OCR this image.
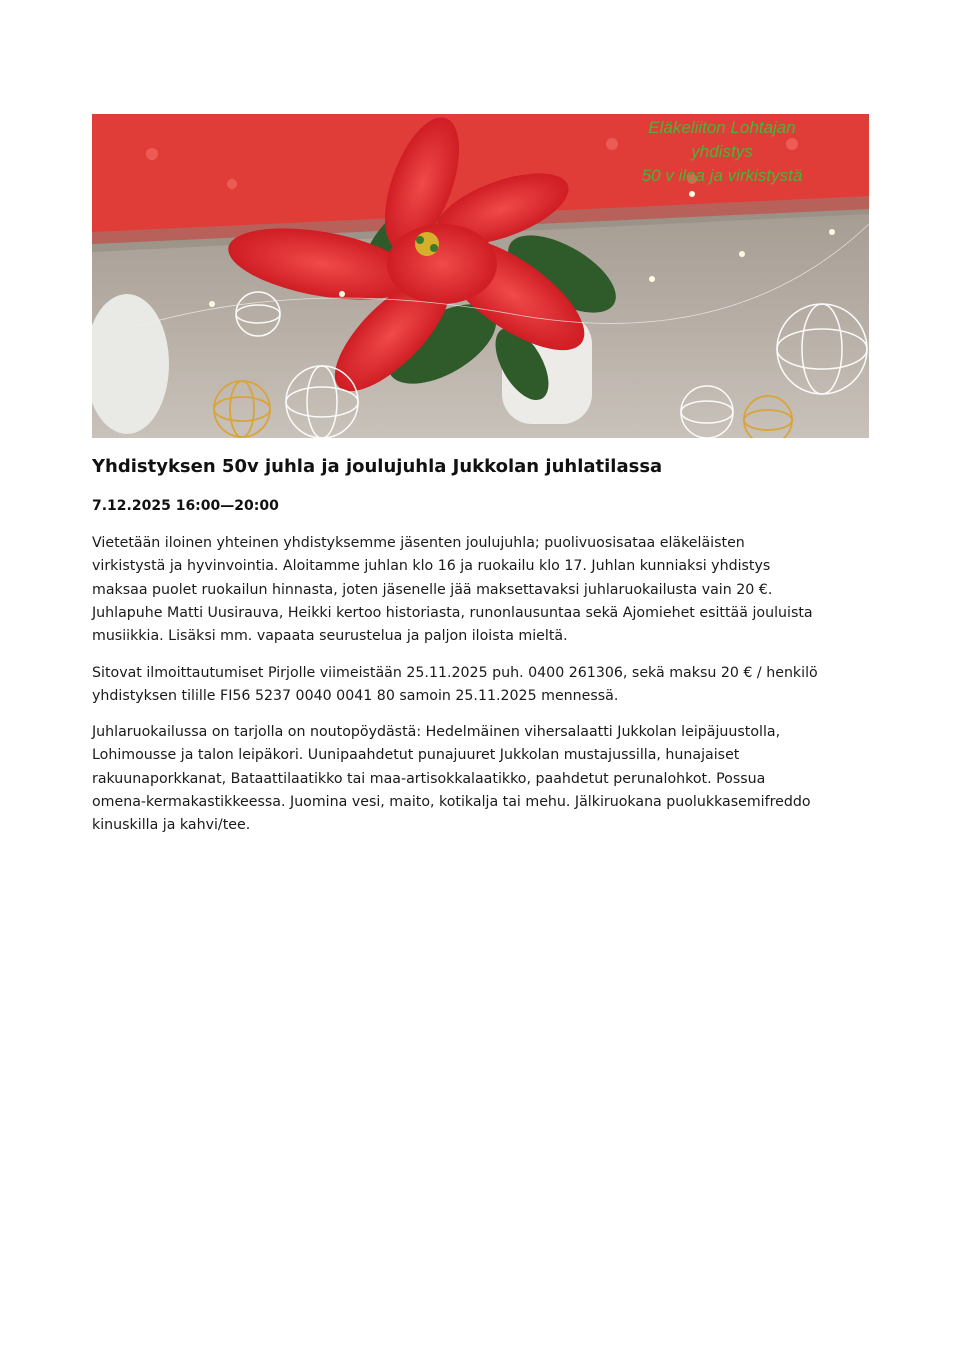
Eläkeliiton Lohtajan
yhdistys
50 v iloa ja virkistystä
Yhdistyksen 50v juhla ja joulujuhla Jukkolan juhlatilassa

7.12.2025 16:00—20:00

Vietetään iloinen yhteinen yhdistyksemme jäsenten joulujuhla; puolivuosisataa eläkeläisten
virkistystä ja hyvinvointia. Aloitamme juhlan klo 16 ja ruokailu klo 17. Juhlan kunniaksi yhdistys
maksaa puolet ruokailun hinnasta, joten jäsenelle jää maksettavaksi juhlaruokailusta vain 20 €.
Juhlapuhe Matti Uusirauva, Heikki kertoo historiasta, runonlausuntaa sekä Ajomiehet esittää jouluista
musiikkia. Lisäksi mm. vapaata seurustelua ja paljon iloista mieltä.

Sitovat ilmoittautumiset Pirjolle viimeistään 25.11.2025 puh. 0400 261306, sekä maksu 20 € / henkilö
yhdistyksen tilille FI56 5237 0040 0041 80 samoin 25.11.2025 mennessä.

Juhlaruokailussa on tarjolla on noutopöydästä: Hedelmäinen vihersalaatti Jukkolan leipäjuustolla,
Lohimousse ja talon leipäkori. Uunipaahdetut punajuuret Jukkolan mustajussilla, hunajaiset
rakuunaporkkanat, Bataattilaatikko tai maa-artisokkalaatikko, paahdetut perunalohkot. Possua
omena-kermakastikkeessa. Juomina vesi, maito, kotikalja tai mehu. Jälkiruokana puolukkasemifreddo
kinuskilla ja kahvi/tee.
